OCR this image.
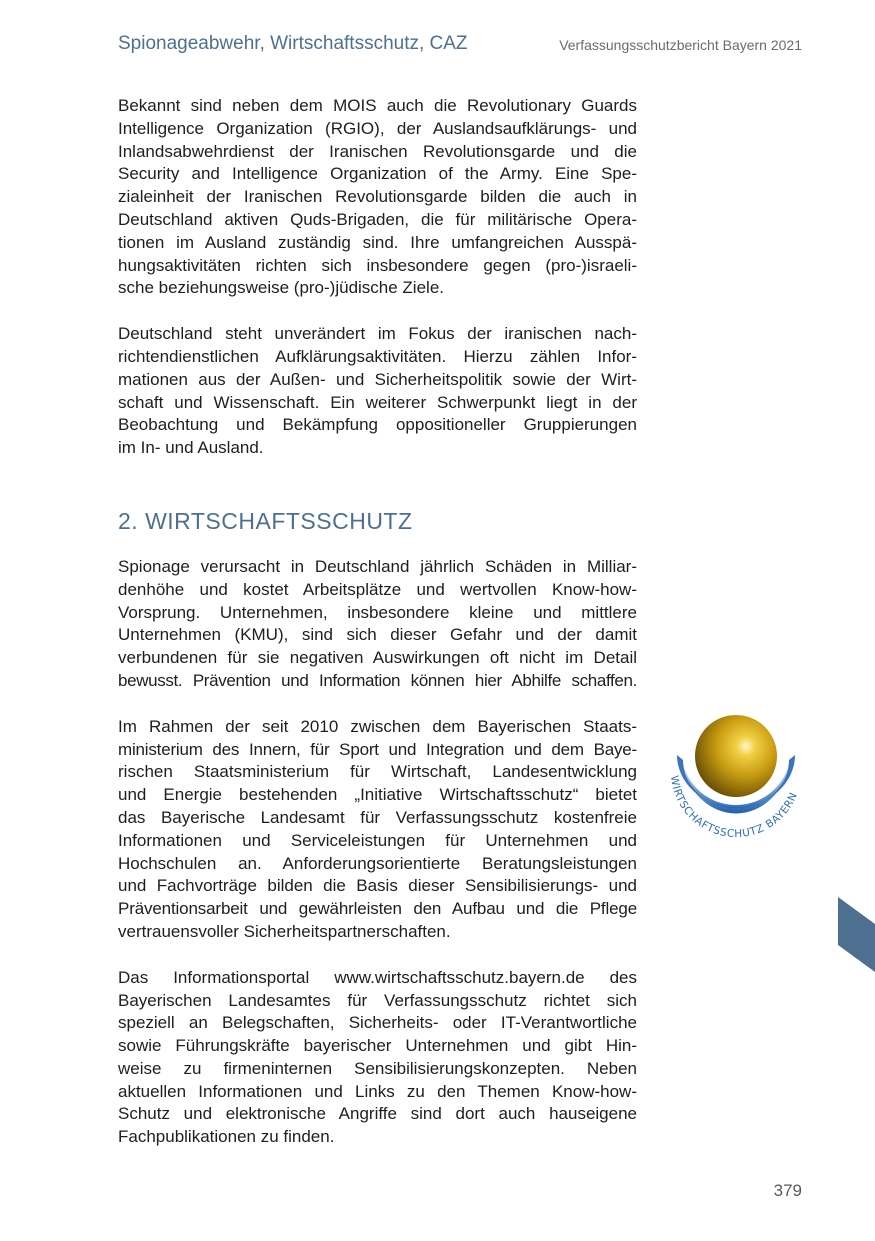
Spionageabwehr, Wirtschaftsschutz, CAZ	Verfassungsschutzbericht Bayern 2021

Bekannt sind neben dem MOIS auch die Revolutionary Guards
Intelligence Organization (RGIO), der Auslandsaufklärungs- und
Inlandsabwehrdienst der Iranischen Revolutionsgarde und die
Security and Intelligence Organization of the Army. Eine Spe-
zialeinheit der Iranischen Revolutionsgarde bilden die auch in
Deutschland aktiven Quds-Brigaden, die für militärische Opera-
tionen im Ausland zuständig sind. Ihre umfangreichen Ausspä-
hungsaktivitäten richten sich insbesondere gegen (pro-)israeli-
sche beziehungsweise (pro-)jüdische Ziele.

Deutschland steht unverändert im Fokus der iranischen nach-
richtendienstlichen Aufklärungsaktivitäten. Hierzu zählen Infor-
mationen aus der Außen- und Sicherheitspolitik sowie der Wirt-
schaft und Wissenschaft. Ein weiterer Schwerpunkt liegt in der
Beobachtung und Bekämpfung oppositioneller Gruppierungen
im In- und Ausland.

2. WIRTSCHAFTSSCHUTZ

Spionage verursacht in Deutschland jährlich Schäden in Milliar-
denhöhe und kostet Arbeitsplätze und wertvollen Know-how-
Vorsprung. Unternehmen, insbesondere kleine und mittlere
Unternehmen (KMU), sind sich dieser Gefahr und der damit
verbundenen für sie negativen Auswirkungen oft nicht im Detail
bewusst. Prävention und Information können hier Abhilfe schaffen.

Im Rahmen der seit 2010 zwischen dem Bayerischen Staats-
ministerium des Innern, für Sport und Integration und dem Baye-
rischen Staatsministerium für Wirtschaft, Landesentwicklung
und Energie bestehenden „Initiative Wirtschaftsschutz“ bietet
das Bayerische Landesamt für Verfassungsschutz kostenfreie
Informationen und Serviceleistungen für Unternehmen und
Hochschulen an. Anforderungsorientierte Beratungsleistungen
und Fachvorträge bilden die Basis dieser Sensibilisierungs- und
Präventionsarbeit und gewährleisten den Aufbau und die Pflege
vertrauensvoller Sicherheitspartnerschaften.

Das Informationsportal www.wirtschaftsschutz.bayern.de des
Bayerischen Landesamtes für Verfassungsschutz richtet sich
speziell an Belegschaften, Sicherheits- oder IT-Verantwortliche
sowie Führungskräfte bayerischer Unternehmen und gibt Hin-
weise zu firmeninternen Sensibilisierungskonzepten. Neben
aktuellen Informationen und Links zu den Themen Know-how-
Schutz und elektronische Angriffe sind dort auch hauseigene
Fachpublikationen zu finden.

WIRTSCHAFTSSCHUTZ BAYERN
379
